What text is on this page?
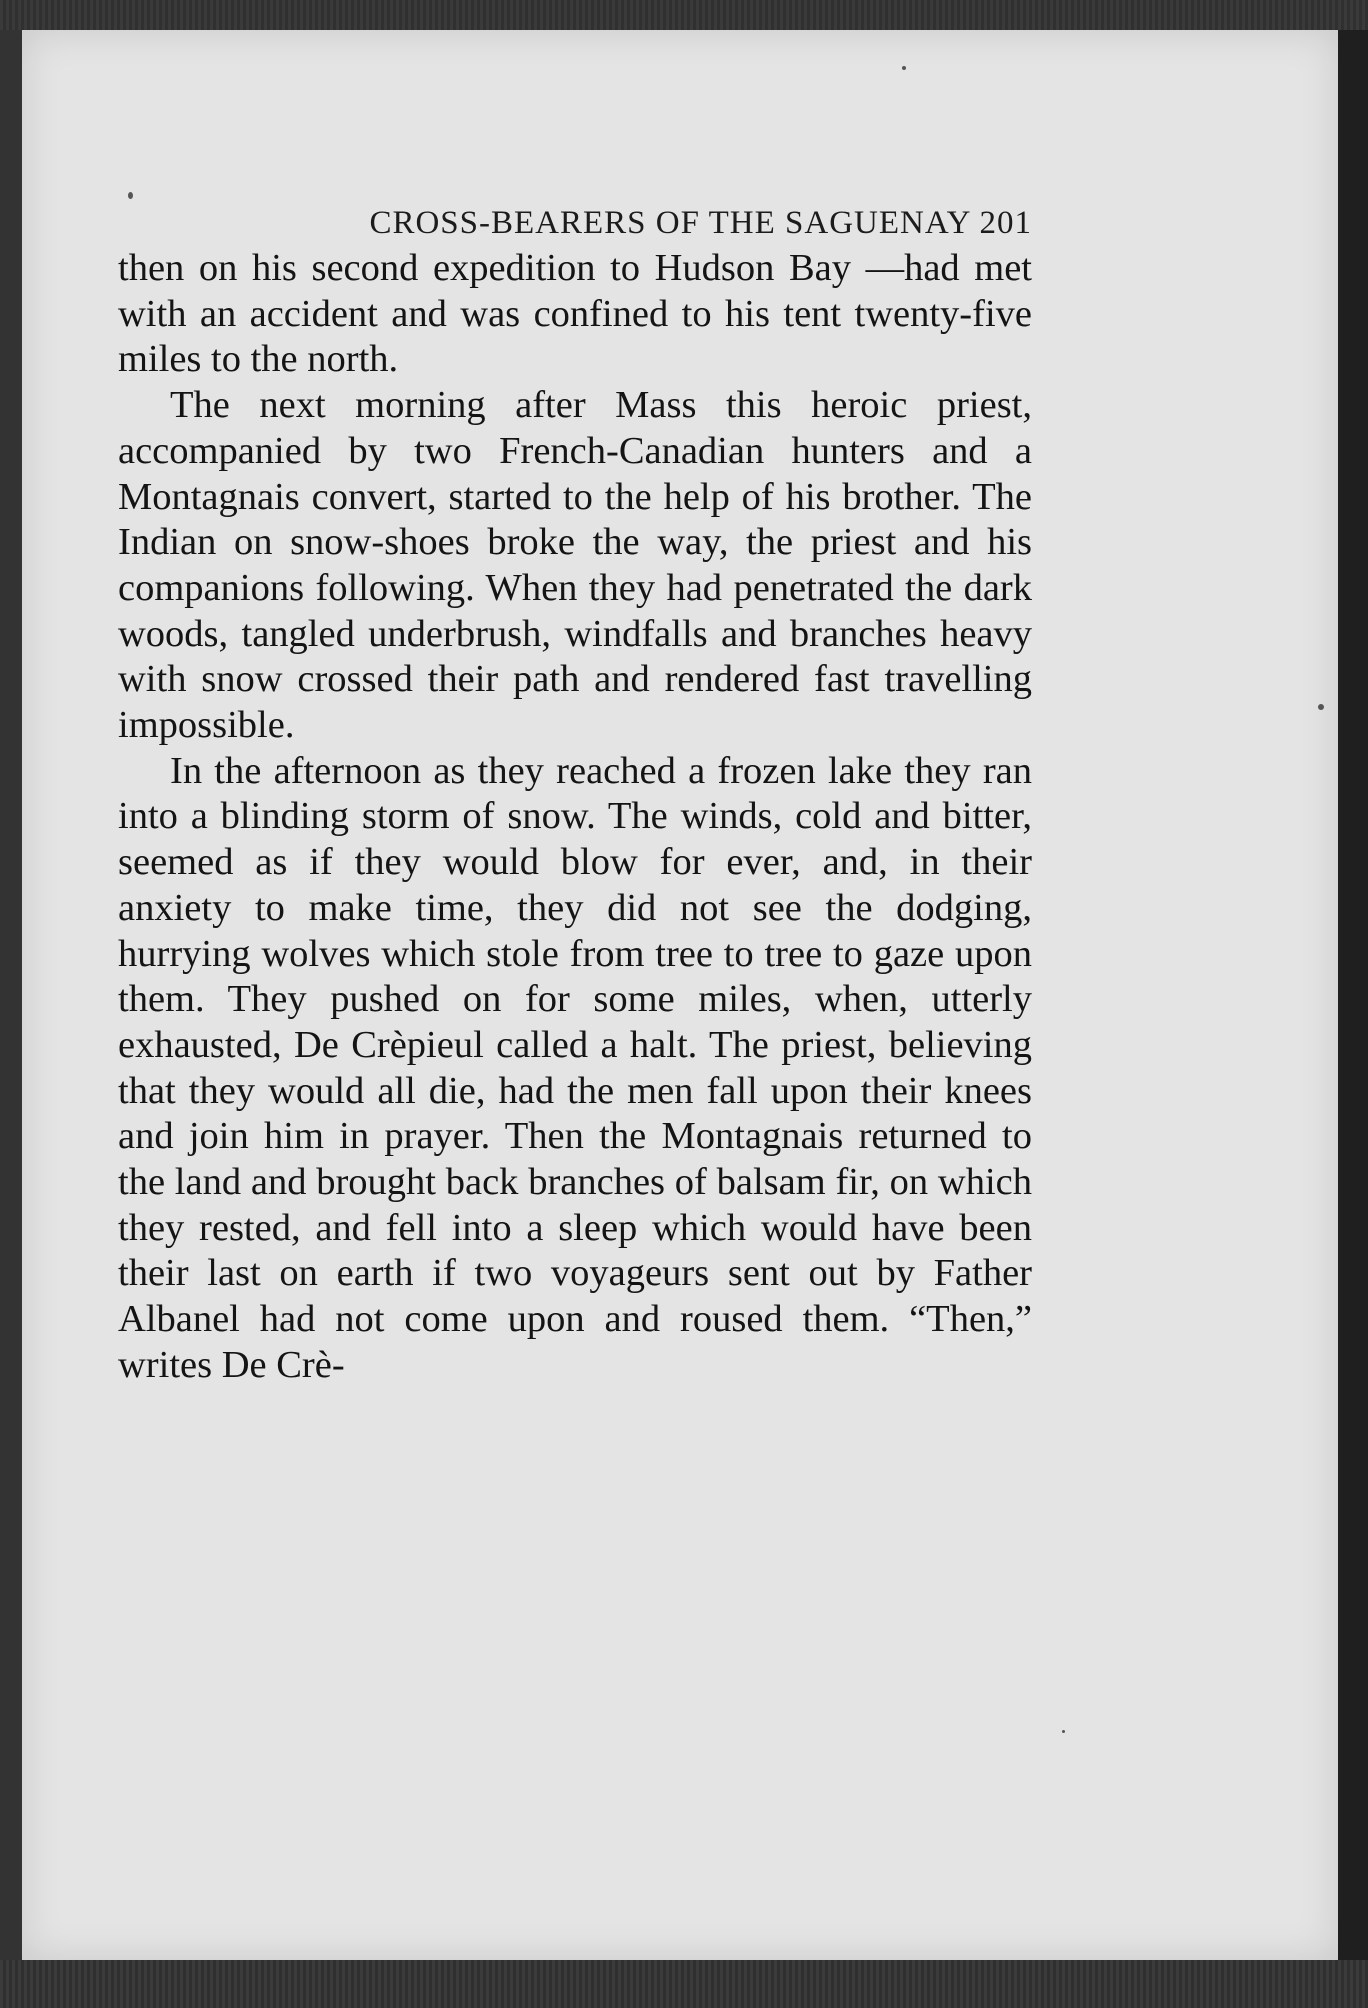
CROSS-BEARERS OF THE SAGUENAY 201

then on his second expedition to Hudson Bay —had met with an accident and was confined to his tent twenty-five miles to the north.

The next morning after Mass this heroic priest, accompanied by two French-Canadian hunters and a Montagnais convert, started to the help of his brother. The Indian on snow-shoes broke the way, the priest and his companions following. When they had penetrated the dark woods, tangled underbrush, windfalls and branches heavy with snow crossed their path and rendered fast travelling impossible.

In the afternoon as they reached a frozen lake they ran into a blinding storm of snow. The winds, cold and bitter, seemed as if they would blow for ever, and, in their anxiety to make time, they did not see the dodging, hurrying wolves which stole from tree to tree to gaze upon them. They pushed on for some miles, when, utterly exhausted, De Crèpieul called a halt. The priest, believing that they would all die, had the men fall upon their knees and join him in prayer. Then the Montagnais returned to the land and brought back branches of balsam fir, on which they rested, and fell into a sleep which would have been their last on earth if two voyageurs sent out by Father Albanel had not come upon and roused them. “Then,” writes De Crè-
